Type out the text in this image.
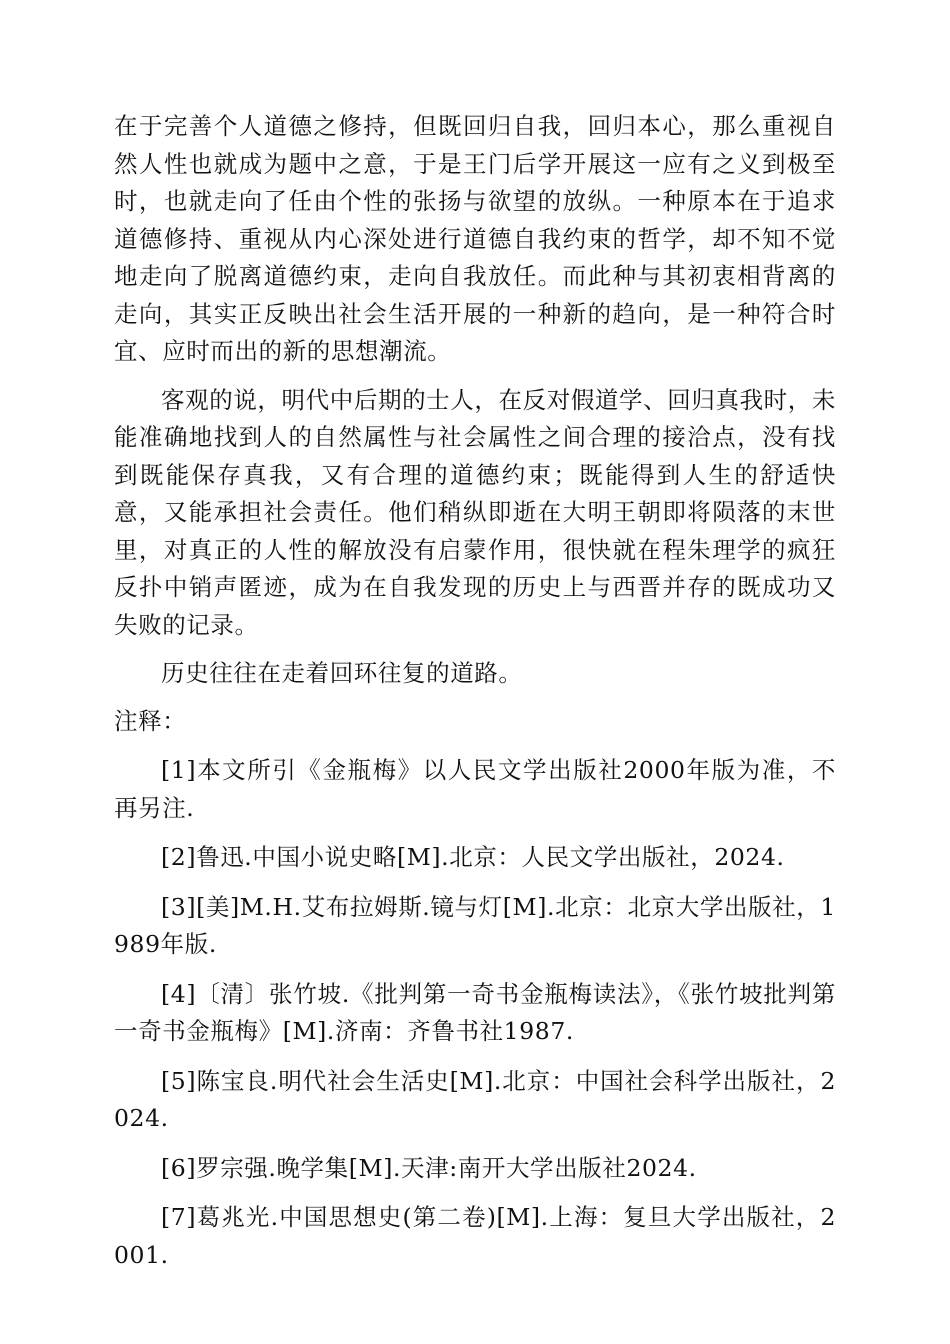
在于完善个人道德之修持，但既回归自我，回归本心，那么重视自然人性也就成为题中之意，于是王门后学开展这一应有之义到极至时，也就走向了任由个性的张扬与欲望的放纵。一种原本在于追求道德修持、重视从内心深处进行道德自我约束的哲学，却不知不觉地走向了脱离道德约束，走向自我放任。而此种与其初衷相背离的走向，其实正反映出社会生活开展的一种新的趋向，是一种符合时宜、应时而出的新的思想潮流。

客观的说，明代中后期的士人，在反对假道学、回归真我时，未能准确地找到人的自然属性与社会属性之间合理的接洽点，没有找到既能保存真我，又有合理的道德约束；既能得到人生的舒适快意，又能承担社会责任。他们稍纵即逝在大明王朝即将陨落的末世里，对真正的人性的解放没有启蒙作用，很快就在程朱理学的疯狂反扑中销声匿迹，成为在自我发现的历史上与西晋并存的既成功又失败的记录。

历史往往在走着回环往复的道路。

注释：

[1]本文所引《金瓶梅》以人民文学出版社2000年版为准，不再另注.

[2]鲁迅.中国小说史略[M].北京：人民文学出版社，2024.

[3][美]M.H.艾布拉姆斯.镜与灯[M].北京：北京大学出版社，1989年版.

[4]〔清〕张竹坡.《批判第一奇书金瓶梅读法》，《张竹坡批判第一奇书金瓶梅》[M].济南：齐鲁书社1987.

[5]陈宝良.明代社会生活史[M].北京：中国社会科学出版社，2024.

[6]罗宗强.晚学集[M].天津:南开大学出版社2024.

[7]葛兆光.中国思想史(第二卷)[M].上海：复旦大学出版社，2001.
